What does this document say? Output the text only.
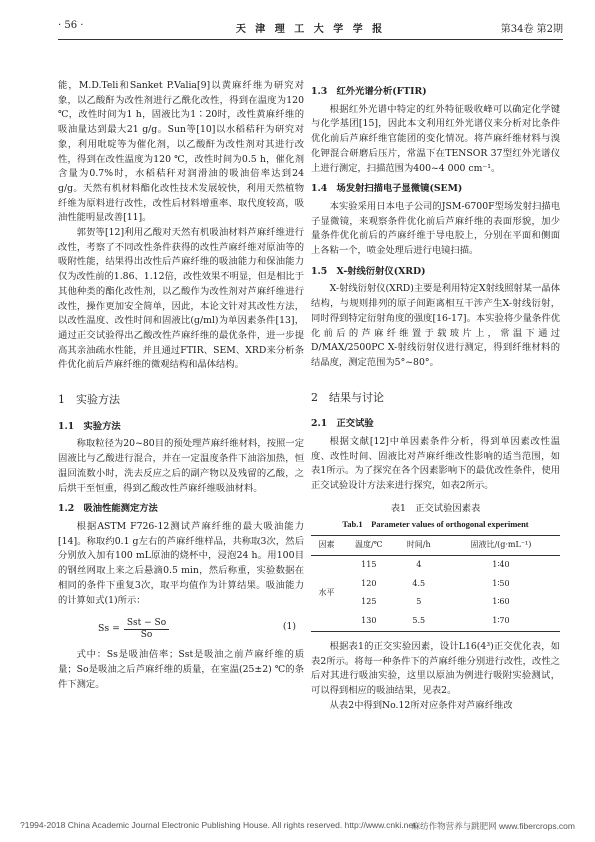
· 56 ·	天 津 理 工 大 学 学 报	第34卷 第2期

能，M.D.Teli和Sanket P.Valia[9]以黄麻纤维为研究对象，以乙酸酐为改性剂进行乙酰化改性，得到在温度为120 ℃，改性时间为1 h，固液比为1∶20时，改性黄麻纤维的吸油量达到最大21 g/g。Sun等[10]以水稻秸秆为研究对象，利用吡啶等为催化剂，以乙酸酐为改性剂对其进行改性，得到在改性温度为120 ℃，改性时间为0.5 h，催化剂含量为0.7%时，水稻秸秆对润滑油的吸油倍率达到24 g/g。天然有机材料酯化改性技术发展较快，利用天然植物纤维为原料进行改性，改性后材料增重率、取代度较高，吸油性能明显改善[11]。

郭贺等[12]利用乙酸对天然有机吸油材料芦麻纤维进行改性，考察了不同改性条件获得的改性芦麻纤维对原油等的吸附性能，结果得出改性后芦麻纤维的吸油能力和保油能力仅为改性前的1.86、1.12倍，改性效果不明显，但是相比于其他种类的酯化改性剂，以乙酸作为改性剂对芦麻纤维进行改性，操作更加安全简单，因此，本论文针对其改性方法，以改性温度、改性时间和固液比(g/ml)为单因素条件[13]，通过正交试验得出乙酸改性芦麻纤维的最优条件，进一步提高其亲油疏水性能，并且通过FTIR、SEM、XRD来分析条件优化前后芦麻纤维的微观结构和晶体结构。

1　实验方法
1.1　实验方法

称取粒径为20~80目的预处理芦麻纤维材料，按照一定固液比与乙酸进行混合，并在一定温度条件下油浴加热，恒温回流数小时，洗去反应之后的副产物以及残留的乙酸，之后烘干至恒重，得到乙酸改性芦麻纤维吸油材料。

1.2　吸油性能测定方法

根据ASTM F726-12测试芦麻纤维的最大吸油能力[14]。称取约0.1 g左右的芦麻纤维样品，共称取3次，然后分别放入加有100 mL原油的烧杯中，浸泡24 h。用100目的钢丝网取上来之后悬滴0.5 min，然后称重，实验数据在相同的条件下重复3次，取平均值作为计算结果。吸油能力的计算如式(1)所示：

$Ss = \frac{\text{Sst − So}}{So}$	(1)

式中：Ss是吸油倍率；Sst是吸油之前芦麻纤维的质量；So是吸油之后芦麻纤维的质量，在室温(25±2) ℃的条件下测定。

1.3　红外光谱分析(FTIR)

根据红外光谱中特定的红外特征吸收峰可以确定化学键与化学基团[15]，因此本文利用红外光谱仪来分析对比条件优化前后芦麻纤维官能团的变化情况。将芦麻纤维材料与溴化钾混合研磨后压片，常温下在TENSOR 37型红外光谱仪上进行测定，扫描范围为400~4 000 cm⁻¹。

1.4　场发射扫描电子显微镜(SEM)

本实验采用日本电子公司的JSM-6700F型场发射扫描电子显微镜，来观察条件优化前后芦麻纤维的表面形貌，加少量条件优化前后的芦麻纤维于导电胶上，分别在平面和侧面上各粘一个，喷金处理后进行电镜扫描。

1.5　X-射线衍射仪(XRD)

X-射线衍射仪(XRD)主要是利用特定X射线照射某一晶体结构，与规则排列的原子间距离相互干涉产生X-射线衍射，同时得到特定衍射角度的强度[16-17]。本实验将少量条件优化前后的芦麻纤维置于载玻片上，常温下通过D/MAX/2500PC X-射线衍射仪进行测定，得到纤维材料的结晶度，测定范围为5°~80°。

2　结果与讨论
2.1　正交试验

根据文献[12]中单因素条件分析，得到单因素改性温度、改性时间、固液比对芦麻纤维改性影响的适当范围，如表1所示。为了探究在各个因素影响下的最优改性条件，使用正交试验设计方法来进行探究，如表2所示。

表1　正交试验因素表
Tab.1　Parameter values of orthogonal experiment
因素	温度/℃	时间/h	固液比/(g·mL⁻¹)
水平	115	4	1∶40
	120	4.5	1∶50
	125	5	1∶60
	130	5.5	1∶70

根据表1的正交实验因素，设计L16(4³)正交优化表，如表2所示。将每一种条件下的芦麻纤维分别进行改性，改性之后对其进行吸油实验，这里以原油为例进行吸附实验测试，可以得到相应的吸油结果，见表2。

从表2中得到No.12所对应条件对芦麻纤维改

?1994-2018 China Academic Journal Electronic Publishing House. All rights reserved. http://www.cnki.net
麻纺作物营养与跳肥网 www.fibercrops.com
